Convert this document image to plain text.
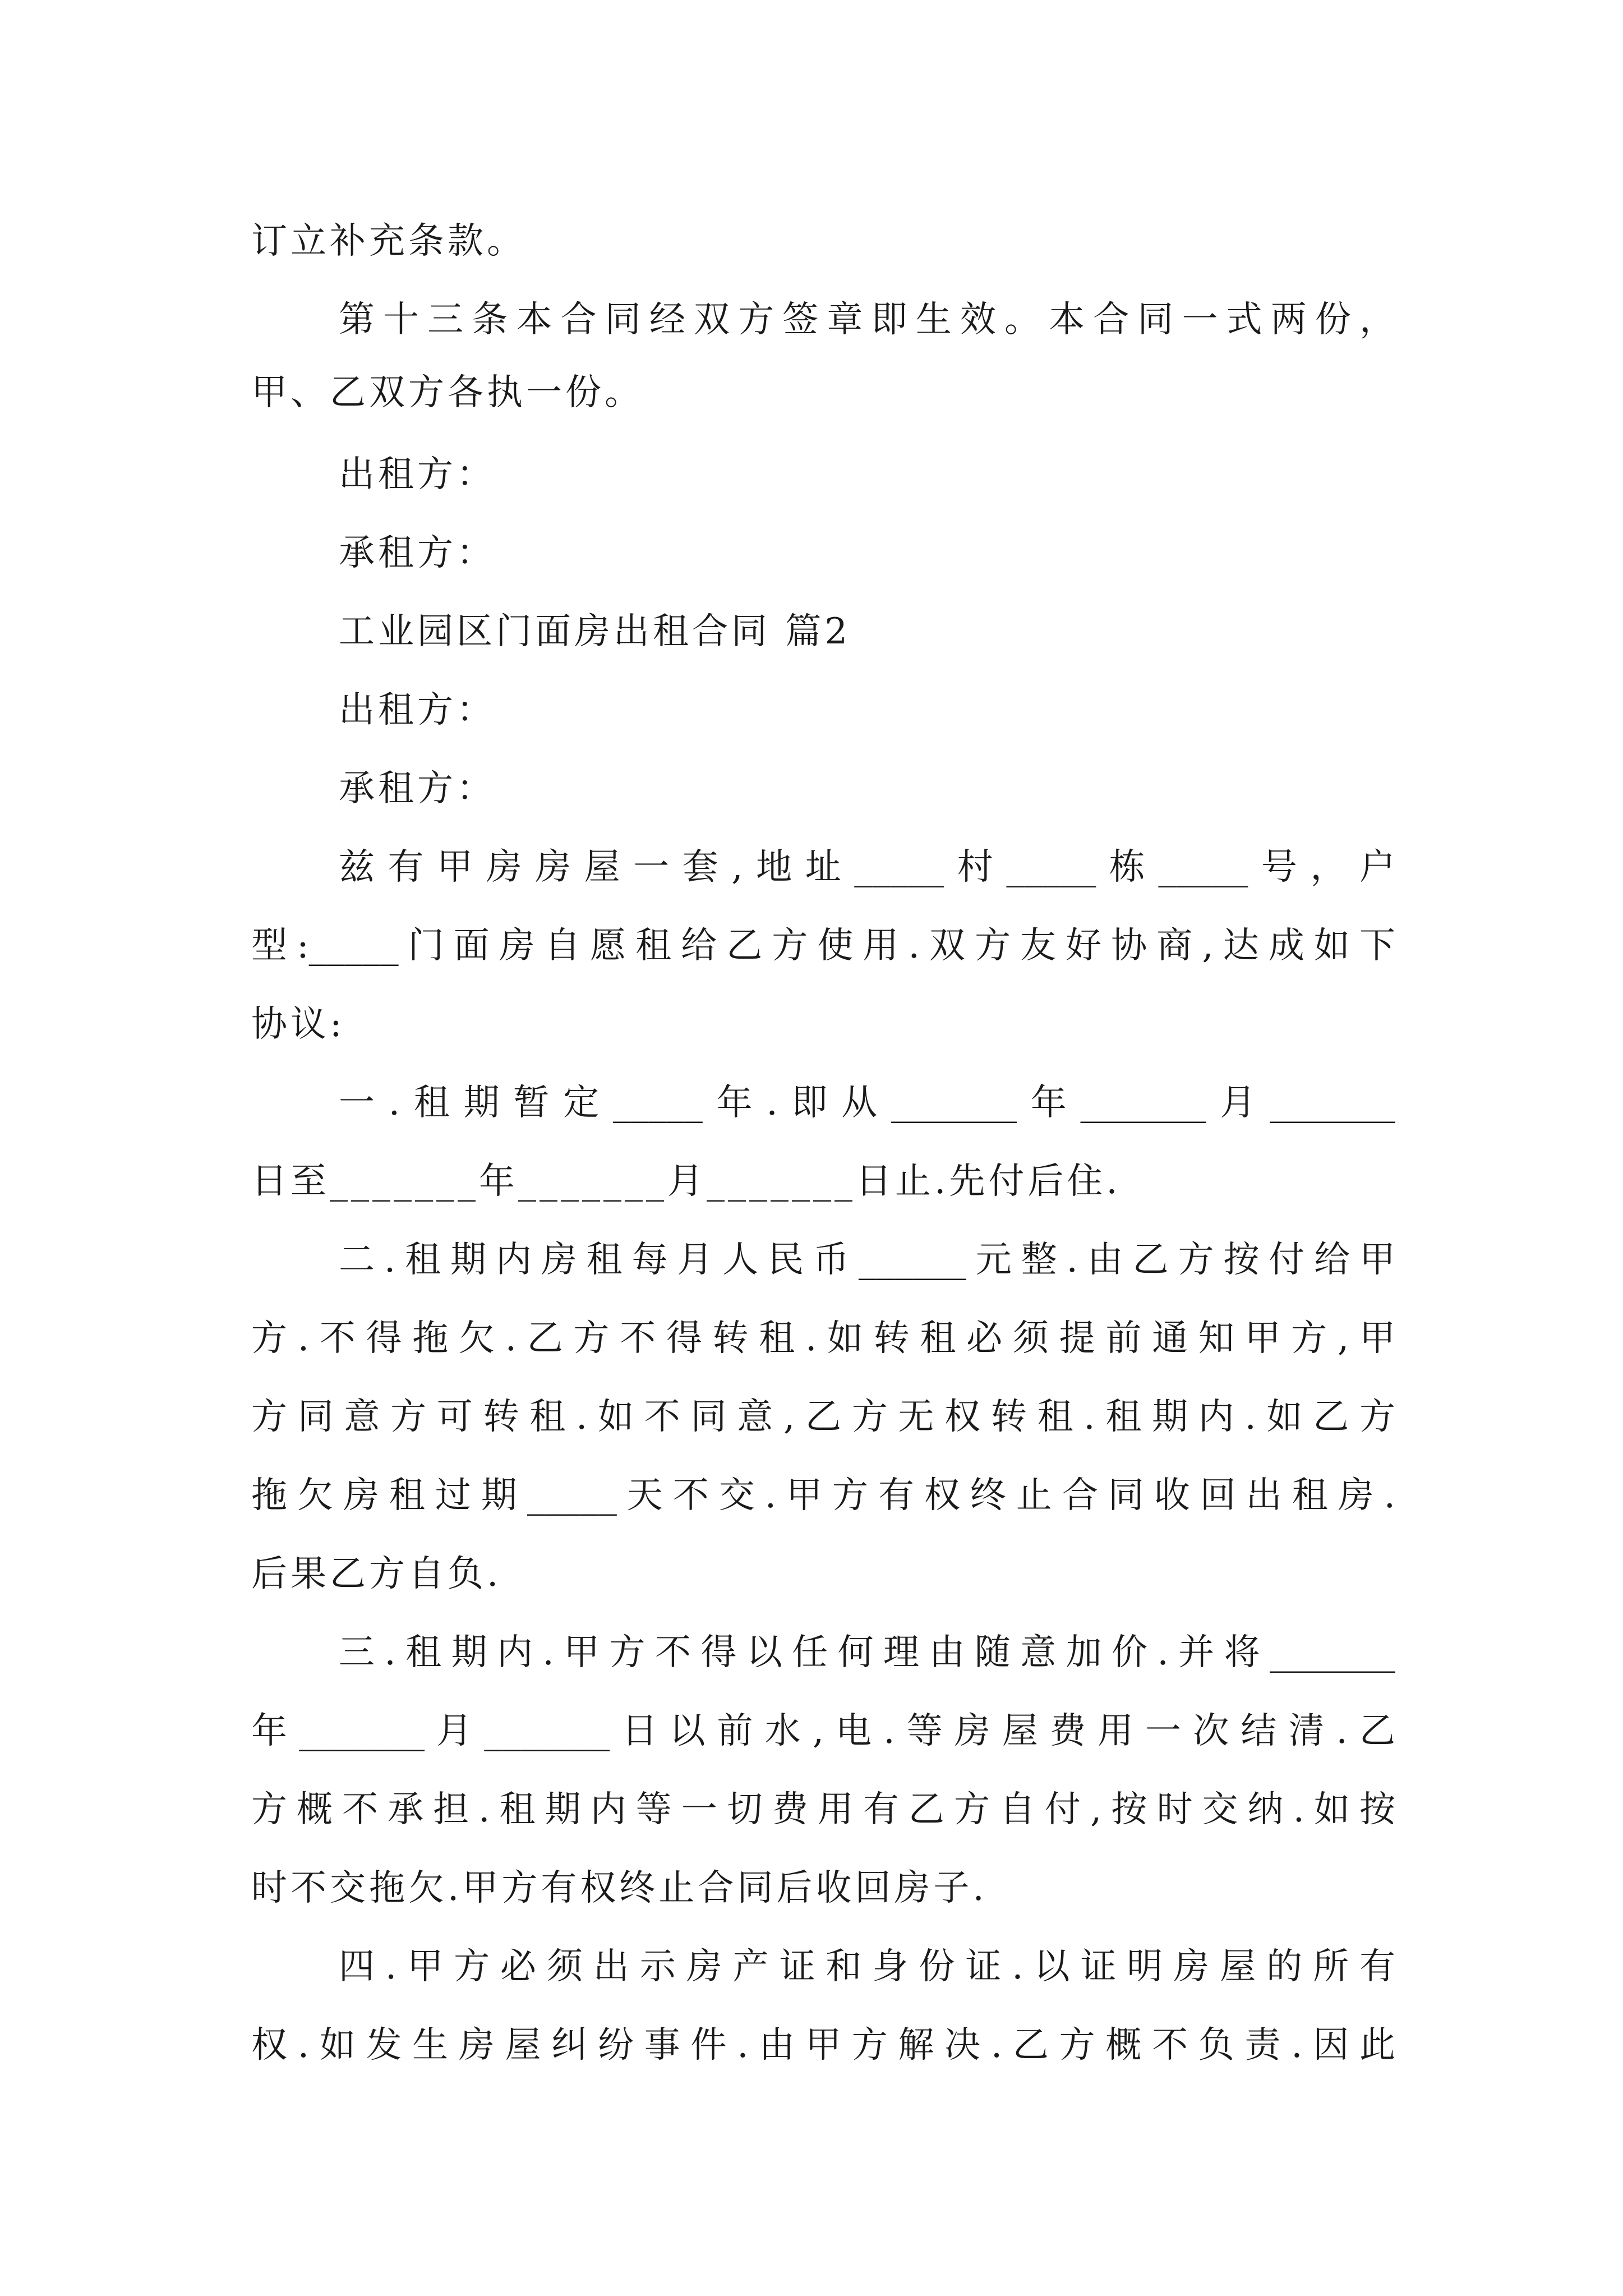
订立补充条款。
第十三条本合同经双方签章即生效。本合同一式两份，
甲、乙双方各执一份。
出租方：
承租方：
工业园区门面房出租合同 篇2
出租方：
承租方：
兹有甲房房屋一套,地址_____村_____栋_____号，户
型:_____门面房自愿租给乙方使用.双方友好协商,达成如下
协议:
一.租期暂定_____年.即从_______年_______月_______
日至_______年_______月_______日止.先付后住.
二.租期内房租每月人民币______元整.由乙方按付给甲
方.不得拖欠.乙方不得转租.如转租必须提前通知甲方,甲
方同意方可转租.如不同意,乙方无权转租.租期内.如乙方
拖欠房租过期_____天不交.甲方有权终止合同收回出租房.
后果乙方自负.
三.租期内.甲方不得以任何理由随意加价.并将_______
年_______月_______日以前水,电.等房屋费用一次结清.乙
方概不承担.租期内等一切费用有乙方自付,按时交纳.如按
时不交拖欠.甲方有权终止合同后收回房子.
四.甲方必须出示房产证和身份证.以证明房屋的所有
权.如发生房屋纠纷事件.由甲方解决.乙方概不负责.因此
